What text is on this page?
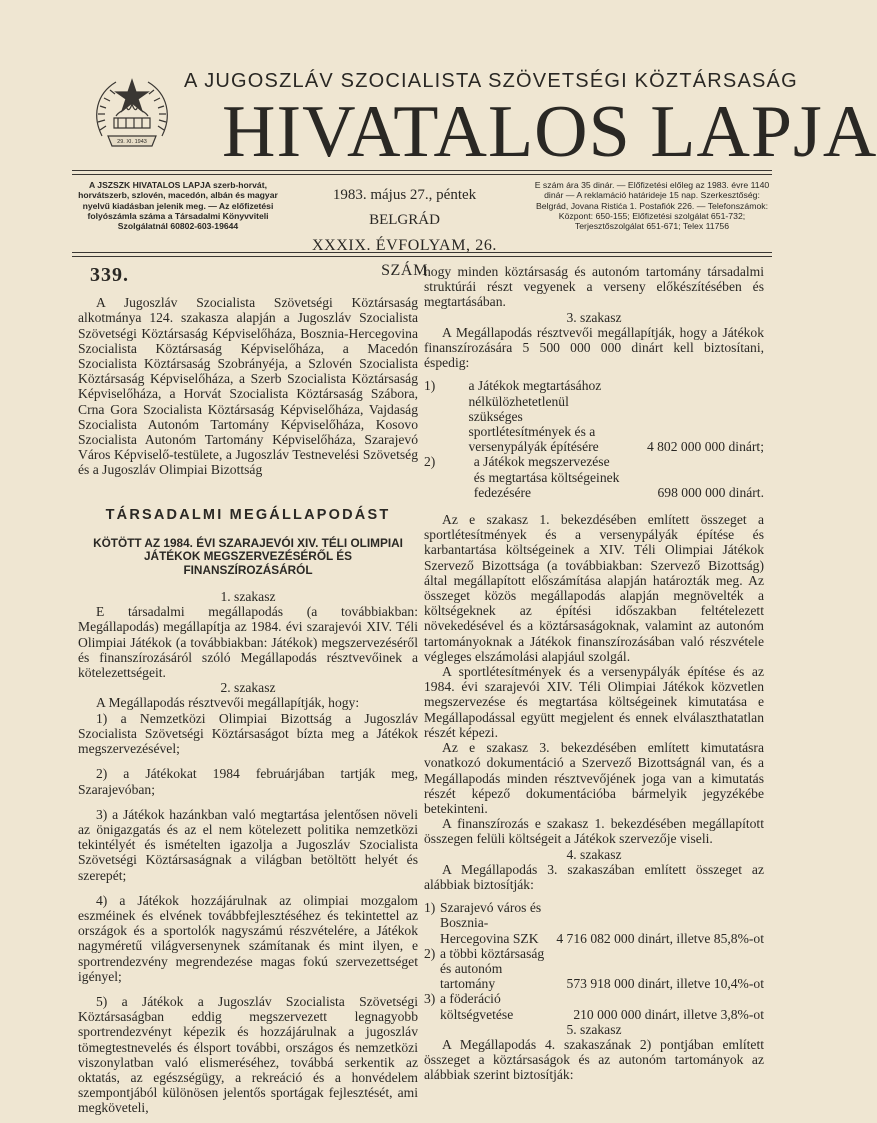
29. XI. 1943
A JUGOSZLÁV SZOCIALISTA SZÖVETSÉGI KÖZTÁRSASÁG
HIVATALOS LAPJA
A JSZSZK HIVATALOS LAPJA szerb-horvát, horvátszerb, szlovén, macedón, albán és magyar nyelvű kiadásban jelenik meg. — Az előfizetési folyószámla száma a Társadalmi Könyvviteli Szolgálatnál 60802-603-19644
1983. május 27., péntek
BELGRÁD
XXXIX. ÉVFOLYAM, 26. SZÁM
E szám ára 35 dinár. — Előfizetési előleg az 1983. évre 1140 dinár — A reklamáció határideje 15 nap. Szerkesztőség: Belgrád, Jovana Ristića 1. Postafiók 226. — Telefonszámok: Központ: 650-155; Előfizetési szolgálat 651-732; Terjesztőszolgálat 651-671; Telex 11756
339.

A Jugoszláv Szocialista Szövetségi Köztársaság alkotmánya 124. szakasza alapján a Jugoszláv Szocialista Szövetségi Köztársaság Képviselőháza, Bosznia-Hercegovina Szocialista Köztársaság Képviselőháza, a Macedón Szocialista Köztársaság Szobrányéja, a Szlovén Szocialista Köztársaság Képviselőháza, a Szerb Szocialista Köztársaság Képviselőháza, a Horvát Szocialista Köztársaság Szábora, Crna Gora Szocialista Köztársaság Képviselőháza, Vajdaság Szocialista Autonóm Tartomány Képviselőháza, Kosovo Szocialista Autonóm Tartomány Képviselőháza, Szarajevó Város Képviselő-testülete, a Jugoszláv Testnevelési Szövetség és a Jugoszláv Olimpiai Bizottság

TÁRSADALMI MEGÁLLAPODÁST
KÖTÖTT AZ 1984. ÉVI SZARAJEVÓI XIV. TÉLI OLIMPIAI JÁTÉKOK MEGSZERVEZÉSÉRŐL ÉS FINANSZÍROZÁSÁRÓL

1. szakasz

E társadalmi megállapodás (a továbbiakban: Megállapodás) megállapítja az 1984. évi szarajevói XIV. Téli Olimpiai Játékok (a továbbiakban: Játékok) megszervezéséről és finanszírozásáról szóló Megállapodás résztvevőinek a kötelezettségeit.

2. szakasz

A Megállapodás résztvevői megállapítják, hogy:

1) a Nemzetközi Olimpiai Bizottság a Jugoszláv Szocialista Szövetségi Köztársaságot bízta meg a Játékok megszervezésével;

2) a Játékokat 1984 februárjában tartják meg, Szarajevóban;

3) a Játékok hazánkban való megtartása jelentősen növeli az önigazgatás és az el nem kötelezett politika nemzetközi tekintélyét és ismételten igazolja a Jugoszláv Szocialista Szövetségi Köztársaságnak a világban betöltött helyét és szerepét;

4) a Játékok hozzájárulnak az olimpiai mozgalom eszméinek és elvének továbbfejlesztéséhez és tekintettel az országok és a sportolók nagyszámú részvételére, a Játékok nagyméretű világversenynek számítanak és mint ilyen, e sportrendezvény megrendezése magas fokú szervezettséget igényel;

5) a Játékok a Jugoszláv Szocialista Szövetségi Köztársaságban eddig megszervezett legnagyobb sportrendezvényt képezik és hozzájárulnak a jugoszláv tömegtestnevelés és élsport további, országos és nemzetközi viszonylatban való elismeréséhez, továbbá serkentik az oktatás, az egészségügy, a rekreáció és a honvédelem szempontjából különösen jelentős sportágak fejlesztését, ami megköveteli,

hogy minden köztársaság és autonóm tartomány társadalmi struktúrái részt vegyenek a verseny előkészítésében és megtartásában.

3. szakasz

A Megállapodás résztvevői megállapítják, hogy a Játékok finanszírozására 5 500 000 000 dinárt kell biztosítani, éspedig:

1)	a Játékok megtartásához nélkülözhetetlenül szükséges sportlétesítmények és a versenypályák építésére	4 802 000 000 dinárt;
2)	a Játékok megszervezése és megtartása költségeinek fedezésére	698 000 000 dinárt.

Az e szakasz 1. bekezdésében említett összeget a sportlétesítmények és a versenypályák építése és karbantartása költségeinek a XIV. Téli Olimpiai Játékok Szervező Bizottsága (a továbbiakban: Szervező Bizottság) által megállapított előszámítása alapján határozták meg. Az összeget közös megállapodás alapján megnövelték a költségeknek az építési időszakban feltételezett növekedésével és a köztársaságoknak, valamint az autonóm tartományoknak a Játékok finanszírozásában való részvétele végleges elszámolási alapjául szolgál.

A sportlétesítmények és a versenypályák építése és az 1984. évi szarajevói XIV. Téli Olimpiai Játékok közvetlen megszervezése és megtartása költségeinek kimutatása e Megállapodással együtt megjelent és ennek elválaszthatatlan részét képezi.

Az e szakasz 3. bekezdésében említett kimutatásra vonatkozó dokumentáció a Szervező Bizottságnál van, és a Megállapodás minden résztvevőjének joga van a kimutatás részét képező dokumentációba bármelyik jegyzékébe betekinteni.

A finanszírozás e szakasz 1. bekezdésében megállapított összegen felüli költségeit a Játékok szervezője viseli.

4. szakasz

A Megállapodás 3. szakaszában említett összeget az alábbiak biztosítják:

1) Szarajevó város és Bosznia-Hercegovina SZK	4 716 082 000 dinárt, illetve 85,8%-ot
2) a többi köztársaság és autonóm tartomány	573 918 000 dinárt, illetve 10,4%-ot
3) a föderáció költségvetése	210 000 000 dinárt, illetve 3,8%-ot

5. szakasz

A Megállapodás 4. szakaszának 2) pontjában említett összeget a köztársaságok és az autonóm tartományok az alábbiak szerint biztosítják:
